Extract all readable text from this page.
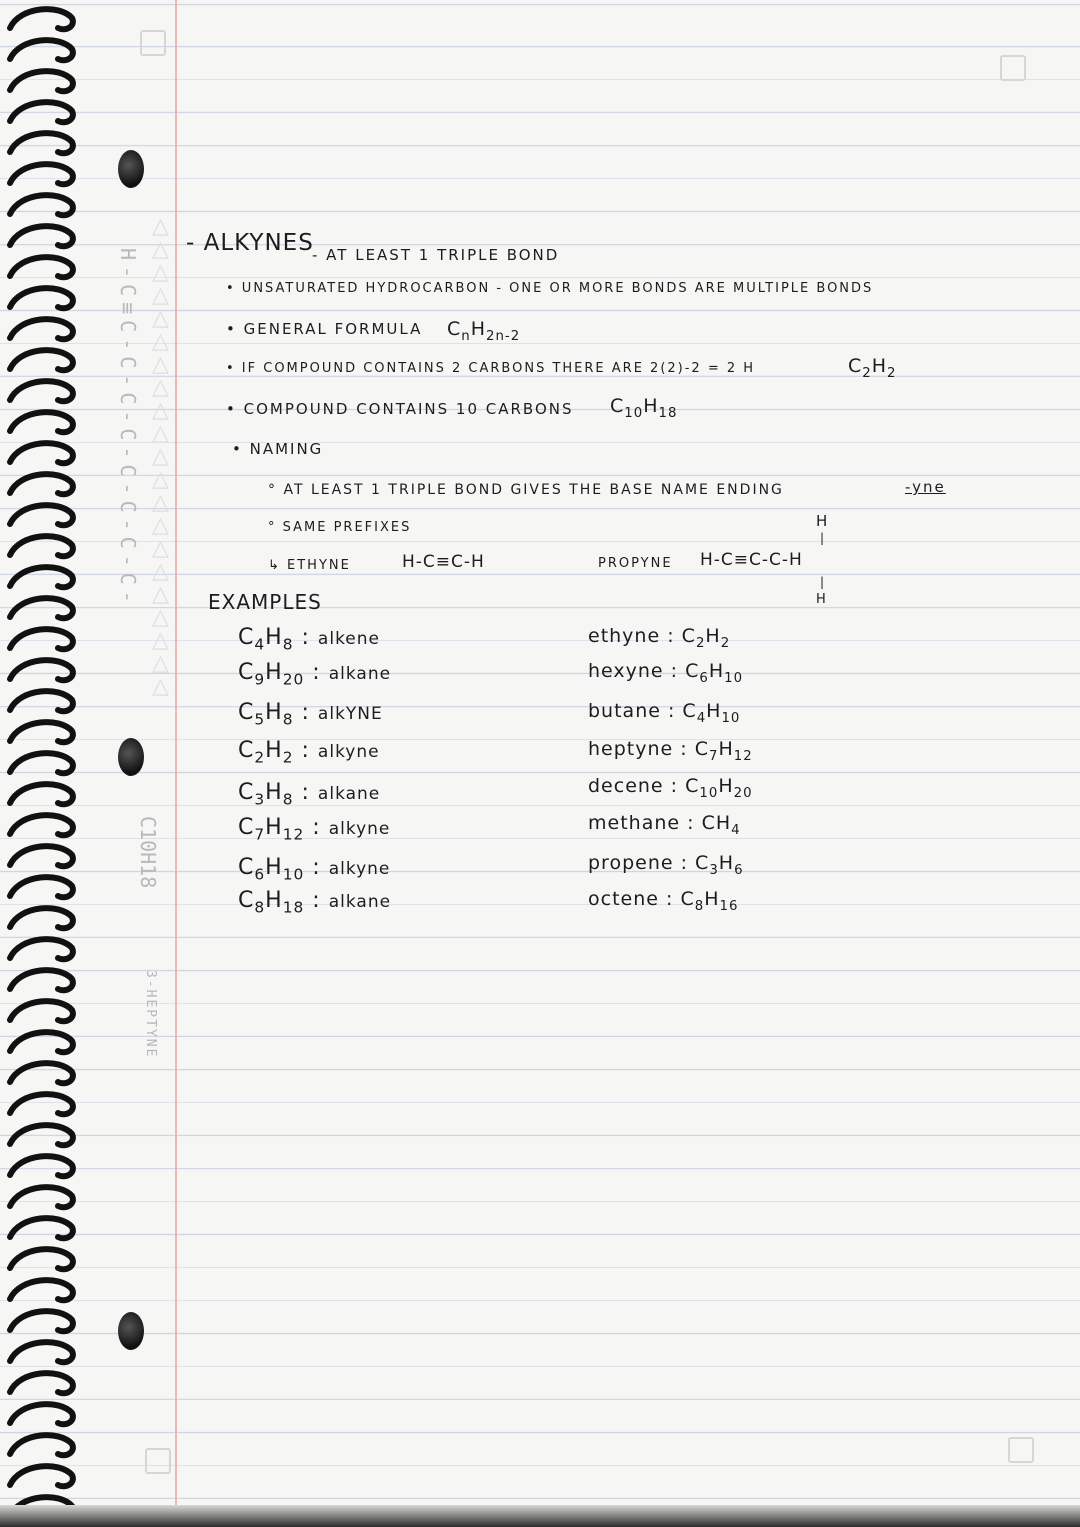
△
△
△
△
△
△
△
△
△
△
△
△
△
△
△
△
△
△
△
△
△
H-C≡C-C-C-C-C-C-C-C-
C10H18
3-HEPTYNE
- ALKYNES
- AT LEAST 1 TRIPLE BOND
• UNSATURATED HYDROCARBON - ONE OR MORE BONDS ARE MULTIPLE BONDS
• GENERAL FORMULA $C_nH_{2n-2}$
• IF COMPOUND CONTAINS 2 CARBONS THERE ARE 2(2)-2 = 2 H	$C_2H_2$
• COMPOUND CONTAINS 10 CARBONS $C_{10}H_{18}$
• NAMING
° AT LEAST 1 TRIPLE BOND GIVES THE BASE NAME ENDING	-yne
° SAME PREFIXES
↳ ETHYNE	H-C≡C-H	PROPYNE H-C≡C-C-H
H
|
|
H
EXAMPLES
$C_4H_8$ : alkene
$C_9H_{20}$ : alkane
$C_5H_8$ : alkYNE
$C_2H_2$ : alkyne
$C_3H_8$ : alkane
$C_7H_{12}$ : alkyne
$C_6H_{10}$ : alkyne
$C_8H_{18}$ : alkane
ethyne : $C_2H_2$
hexyne : $C_6H_{10}$
butane : $C_4H_{10}$
heptyne : $C_7H_{12}$
decene : $C_{10}H_{20}$
methane : $CH_4$
propene : $C_3H_6$
octene : $C_8H_{16}$
